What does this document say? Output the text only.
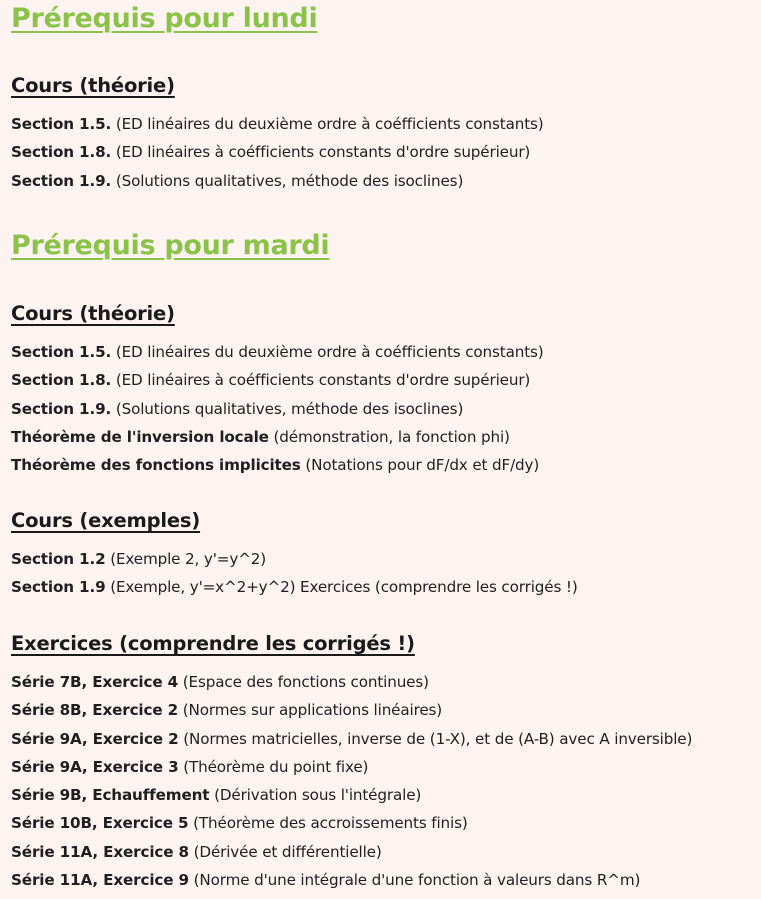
Prérequis pour lundi
Cours (théorie)
Section 1.5. (ED linéaires du deuxième ordre à coéfficients constants)
Section 1.8. (ED linéaires à coéfficients constants d'ordre supérieur)
Section 1.9. (Solutions qualitatives, méthode des isoclines)
Prérequis pour mardi
Cours (théorie)
Section 1.5. (ED linéaires du deuxième ordre à coéfficients constants)
Section 1.8. (ED linéaires à coéfficients constants d'ordre supérieur)
Section 1.9. (Solutions qualitatives, méthode des isoclines)
Théorème de l'inversion locale (démonstration, la fonction phi)
Théorème des fonctions implicites (Notations pour dF/dx et dF/dy)
Cours (exemples)
Section 1.2 (Exemple 2, y'=y^2)
Section 1.9 (Exemple, y'=x^2+y^2) Exercices (comprendre les corrigés !)
Exercices (comprendre les corrigés !)
Série 7B, Exercice 4 (Espace des fonctions continues)
Série 8B, Exercice 2 (Normes sur applications linéaires)
Série 9A, Exercice 2 (Normes matricielles, inverse de (1-X), et de (A-B) avec A inversible)
Série 9A, Exercice 3 (Théorème du point fixe)
Série 9B, Echauffement (Dérivation sous l'intégrale)
Série 10B, Exercice 5 (Théorème des accroissements finis)
Série 11A, Exercice 8 (Dérivée et différentielle)
Série 11A, Exercice 9 (Norme d'une intégrale d'une fonction à valeurs dans R^m)
